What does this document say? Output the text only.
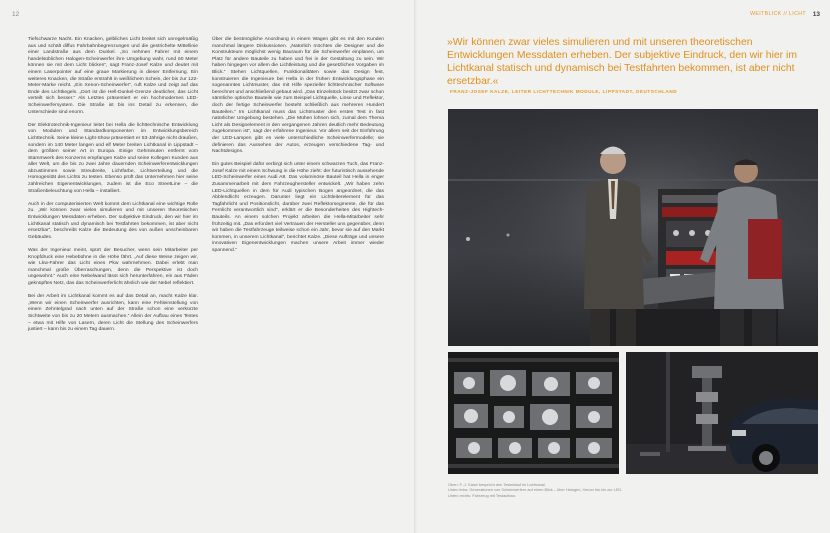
12	WEITBLICK // LICHT 13

Tiefschwarze Nacht. Ein Knacken, gelbliches Licht breitet sich unregelmäßig aus und schält diffus Fahrbahnbegrenzungen und die gestrichelte Mittellinie einer Landstraße aus dem Dunkel. „So nehmen Fahrer mit einem handelsüblichen Halogen-Scheinwerfer ihre Umgebung wahr, rund 60 Meter können sie mit dem Licht blicken“, sagt Franz-Josef Kalze und deutet mit einem Laserpointer auf eine graue Markierung in dieser Entfernung. Ein weiteres Knacken, die Straße erstrahlt in weißlichem Schein, der bis zur 122-Meter-Marke reicht. „Ein Xenon-Scheinwerfer“, ruft Kalze und zeigt auf das Ende des Lichtkegels. „Dort ist die Hell-Dunkel-Grenze deutlicher, das Licht verteilt sich besser.“ Als Letztes präsentiert er ein hochmodernes LED-Scheinwerfersystem. Die Straße ist bis ins Detail zu erkennen, die Unterschiede sind enorm.

Der Elektrotechnik-Ingenieur leitet bei Hella die lichttechnische Entwicklung von Modulen und Standardkomponenten im Entwicklungsbereich Lichttechnik. Seine kleine Light-Show präsentiert er 53-Jährige nicht draußen, sondern im 140 Meter langen und elf Meter breiten Lichtkanal in Lippstadt – dem größten seiner Art in Europa. Einige Gehminuten entfernt vom Stammwerk des Konzerns empfangen Kalze und seine Kollegen Kunden aus aller Welt, um die bis zu zwei Jahre dauernden Scheinwerferentwicklungen abzustimmen sowie Streubreite, Lichtfarbe, Lichtverteilung und die Homogenität des Lichts zu testen. Ebenso prüft das Unternehmen hier seine zahlreichen Eigenentwicklungen, zudem ist die Eco StreetLine – die Straßenbeleuchtung von Hella – installiert.

Auch in der computerisierten Welt kommt dem Lichtkanal eine wichtige Rolle zu. „Wir können zwar vieles simulieren und mit unseren theoretischen Entwicklungen Messdaten erheben. Der subjektive Eindruck, den wir hier im Lichtkanal statisch und dynamisch bei Testfahrten bekommen, ist aber nicht ersetzbar“, beschreibt Kalze die Bedeutung des von außen unscheinbaren Gebäudes.

Was der Ingenieur meint, spürt der Besucher, wenn sein Mitarbeiter per Knopfdruck eine Hebebühne in die Höhe fährt. „Auf diese Weise zeigen wir, wie Lkw-Fahrer das Licht eines Pkw wahrnehmen. Dabei erlebt man manchmal große Überraschungen, denn die Perspektive ist doch ungewohnt.“ Auch eine Nebelwand lässt sich herunterfahren, ein aus Fäden geknüpftes Netz, das das Scheinwerferlicht ähnlich wie der Nebel reflektiert.

Bei der Arbeit im Lichtkanal kommt es auf das Detail an, macht Kalze klar. „Wenn wir einen Scheinwerfer ausrichten, kann eine Fehleinstellung von einem Zehntelgrad nach unten auf der Straße schon eine verkürzte Sichtweite von bis zu 20 Metern ausmachen.“ Allein der Aufbau eines Testes – etwa mit Hilfe von Lasern, deren Licht die Stellung des Scheinwerfers justiert – kann bis zu einem Tag dauern.

Über die bestmögliche Anordnung in einem Wagen gibt es mit den Kunden manchmal längere Diskussionen. „Natürlich möchten die Designer und die Konstrukteure möglichst wenig Bauraum für die Scheinwerfer einplanen, um Platz für andere Bauteile zu haben und frei in der Gestaltung zu sein. Wir haben hingegen vor allem die Lichtleistung und die gesetzlichen Vorgaben im Blick.“ Stehen Lichtquellen, Funktionalitäten sowie das Design fest, konstruieren die Ingenieure bei Hella in der frühen Entwicklungsphase ein sogenanntes Lichtmuster, das mit Hilfe spezieller lichttechnischer Software berechnet und anschließend gebaut wird. „Das Einzelstück besitzt zwar schon sämtliche optische Bauteile wie zum Beispiel Lichtquelle, Linse und Reflektor, doch der fertige Scheinwerfer besteht schließlich aus mehreren Hundert Bauteilen.“ Im Lichtkanal muss das Lichtmuster den ersten Test in fast natürlicher Umgebung bestehen. „Die Mühen lohnen sich, zumal dem Thema Licht als Designelement in den vergangenen Jahren deutlich mehr Bedeutung zugekommen ist“, sagt der erfahrene Ingenieur. Vor allem seit der Einführung der LED-Lampen gibt es viele unterschiedliche Scheinwerfermodelle; sie definieren das Aussehen der Autos, erzeugen verschiedene Tag- und Nachtdesigns.

Ein gutes Beispiel dafür verbirgt sich unter einem schwarzen Tuch, das Franz-Josef Kalze mit einem Schwung in die Höhe zieht: der futuristisch aussehende LED-Scheinwerfer eines Audi A8. Das voluminöse Bauteil hat Hella in enger Zusammenarbeit mit dem Fahrzeughersteller entwickelt. „Wir haben zehn LED-Lichtquellen in dem für Audi typischen Bogen angeordnet, die das Abblendlicht erzeugen. Darunter liegt ein Lichtleiterelement für das Tagfahrlicht und Positionslicht, darüber zwei Reflektorsegmente, die für das Fernlicht verantwortlich sind“, erklärt er die Besonderheiten des Hightech-Bauteils. An einem solchen Projekt arbeiten die Hella-Mitarbeiter sehr frühzeitig mit. „Das erfordert viel Vertrauen der Hersteller uns gegenüber, denn wir haben die Testfahrzeuge teilweise schon ein Jahr, bevor sie auf den Markt kommen, in unserem Lichtkanal“, berichtet Kalze. „Diese Aufträge und unsere innovativen Eigenentwicklungen machen unsere Arbeit immer wieder spannend.“

»Wir können zwar vieles simulieren und mit unseren theoretischen Entwicklungen Messdaten erheben. Der subjektive Eindruck, den wir hier im Lichtkanal statisch und dynamisch bei Testfahrten bekommen, ist aber nicht ersetzbar.«
FRANZ-JOSEF KALZE, LEITER LICHTTECHNIK MODULE, LIPPSTADT, DEUTSCHLAND
Oben: F.-J. Kalze bespricht den Testablauf im Lichtkanal.
Unten links: Generationen von Scheinwerfern auf einen Blick – über Halogen, Xenon bis hin zur LED.
Unten rechts: Fahrzeug mit Testaufbau.
